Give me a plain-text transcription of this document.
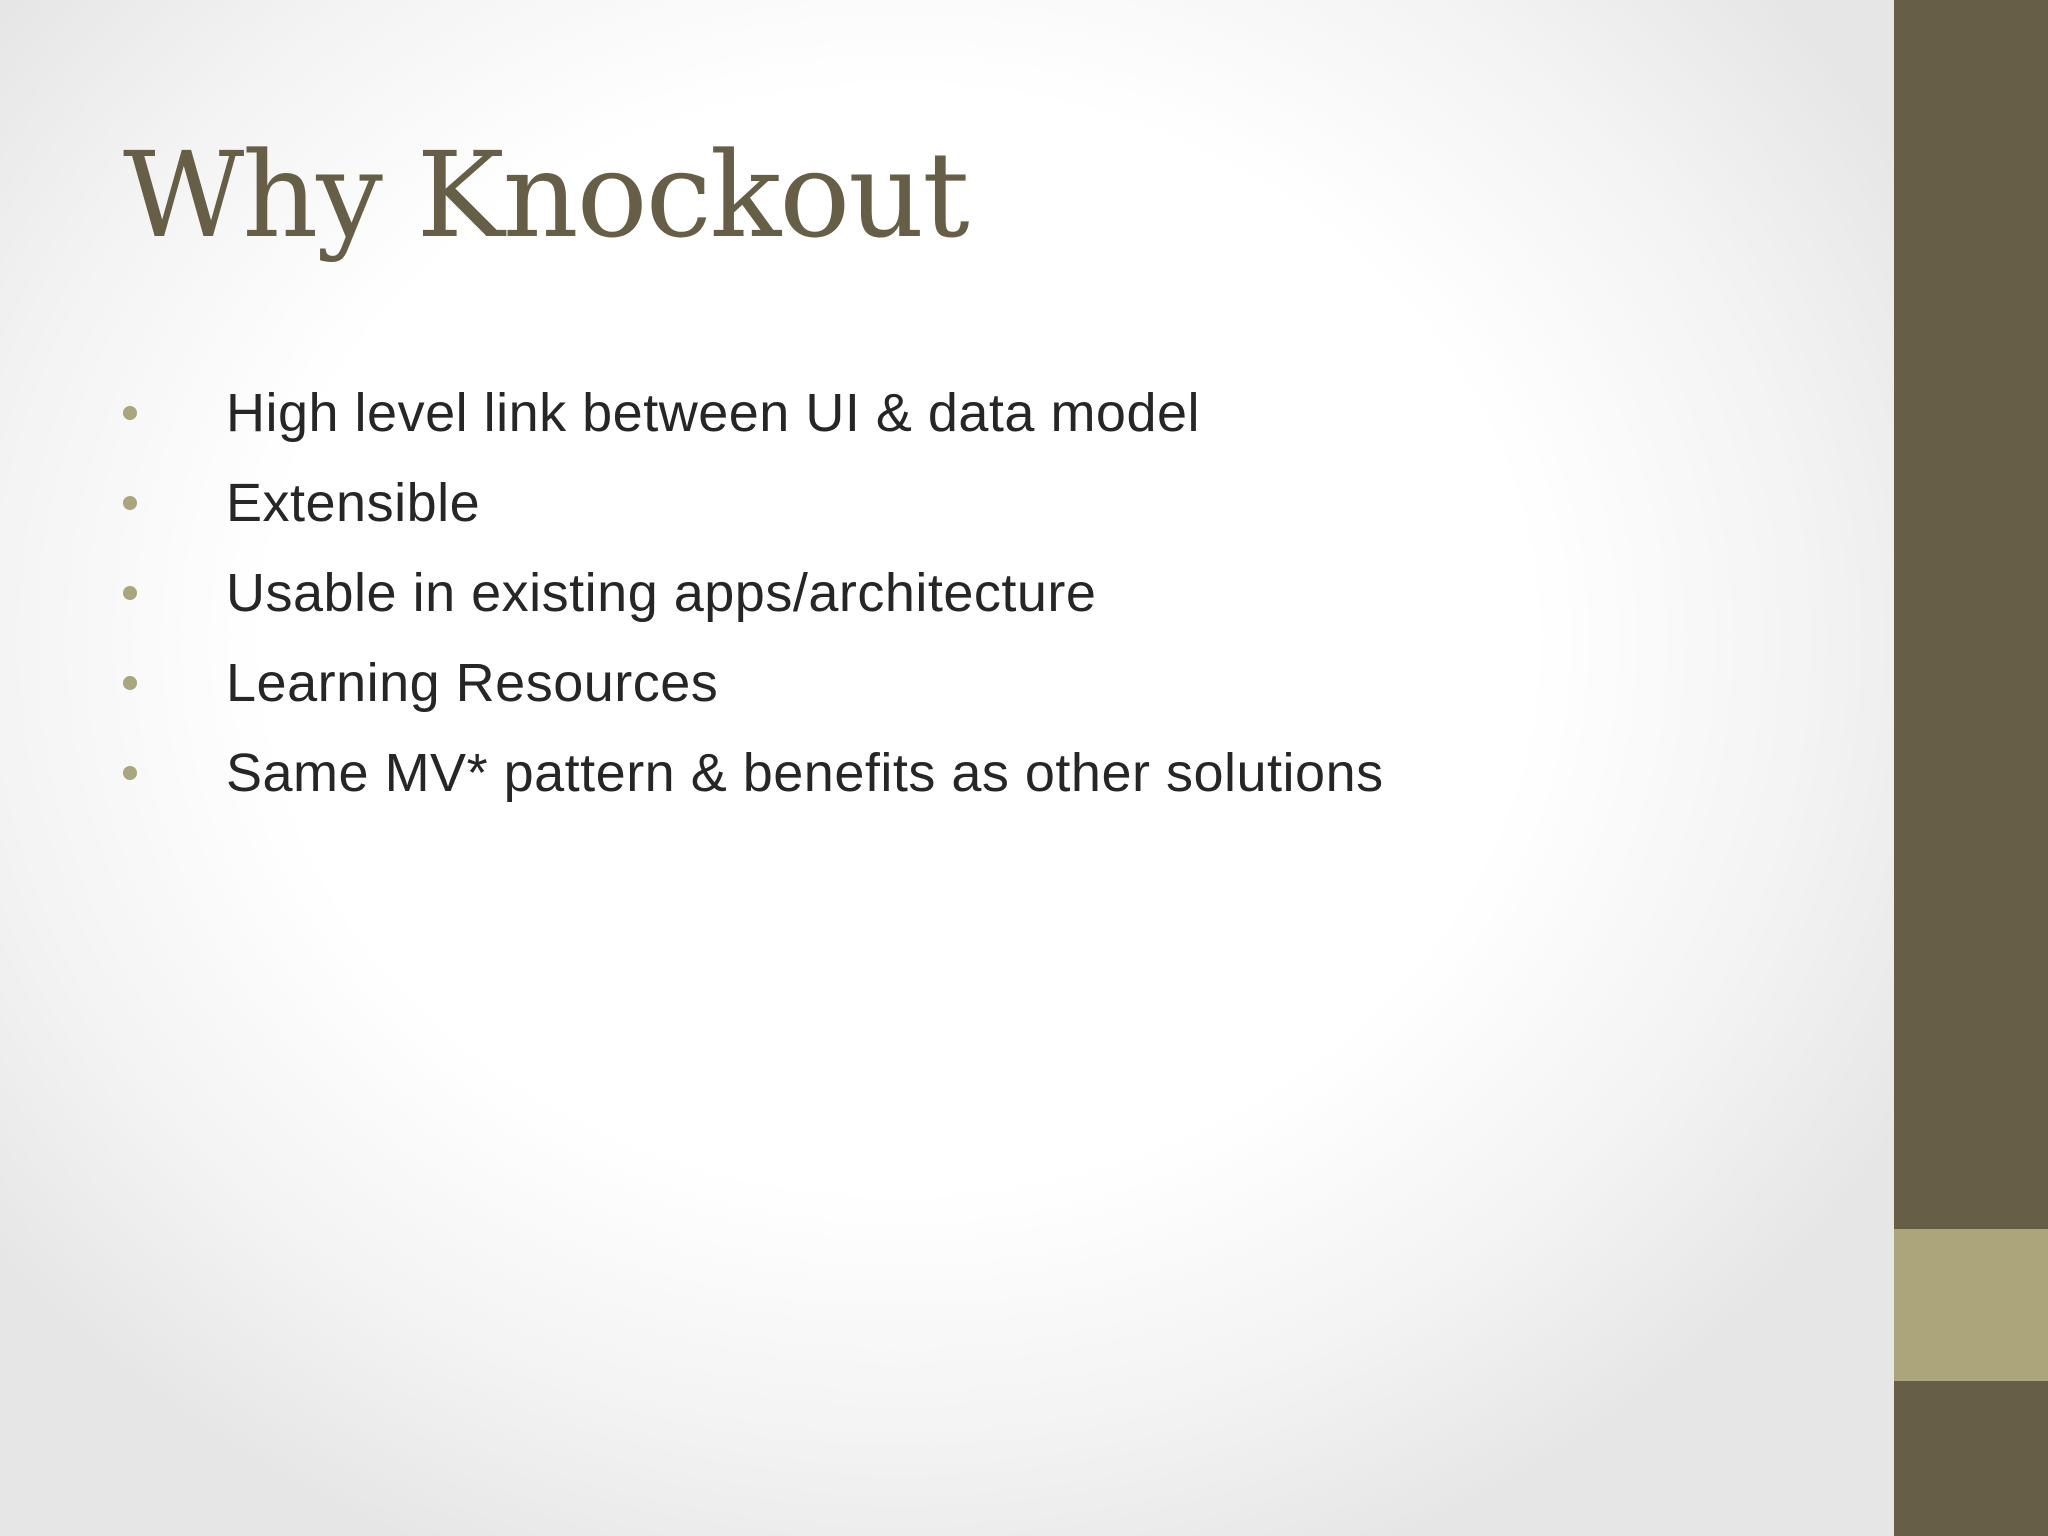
Why Knockout
High level link between UI & data model
Extensible
Usable in existing apps/architecture
Learning Resources
Same MV* pattern & benefits as other solutions
